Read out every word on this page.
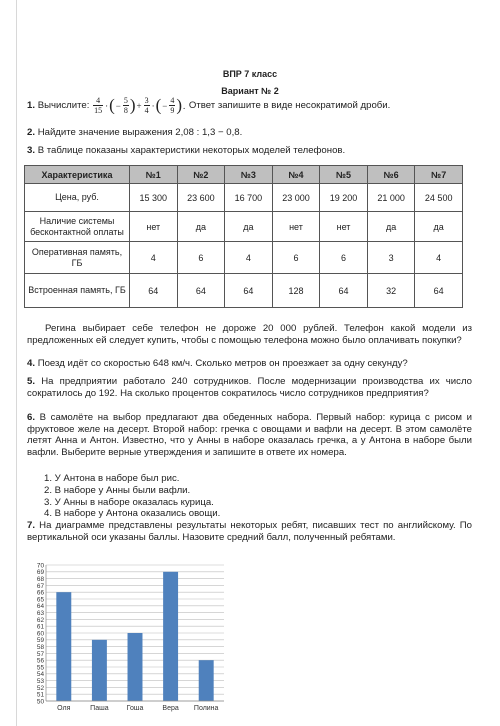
ВПР 7 класс
Вариант № 2
1. Вычислите: $\frac{4}{15}$ ·(− $\frac{5}{8}$ )+ $\frac{3}{4}$ ·(− $\frac{4}{9}$ ). Ответ запишите в виде несократимой дроби.
2. Найдите значение выражения 2,08 : 1,3 − 0,8.
3. В таблице показаны характеристики некоторых моделей телефонов.
Характеристика	№1	№2	№3	№4	№5	№6	№7
Цена, руб.	15 300	23 600	16 700	23 000	19 200	21 000	24 500
Наличие системы бесконтактной оплаты	нет	да	да	нет	нет	да	да
Оперативная память, ГБ	4	6	4	6	6	3	4
Встроенная память, ГБ	64	64	64	128	64	32	64
Регина выбирает себе телефон не дороже 20 000 рублей. Телефон какой модели из предложенных ей следует купить, чтобы с помощью телефона можно было оплачивать покупки?
4. Поезд идёт со скоростью 648 км/ч. Сколько метров он проезжает за одну секунду?
5. На предприятии работало 240 сотрудников. После модернизации производства их число сократилось до 192. На сколько процентов сократилось число сотрудников предприятия?
6. В самолёте на выбор предлагают два обеденных набора. Первый набор: курица с рисом и фруктовое желе на десерт. Второй набор: гречка с овощами и вафли на десерт. В этом самолёте летят Анна и Антон. Известно, что у Анны в наборе оказалась гречка, а у Антона в наборе были вафли. Выберите верные утверждения и запишите в ответе их номера.
1. У Антона в наборе был рис.
2. В наборе у Анны были вафли.
3. У Анны в наборе оказалась курица.
4. В наборе у Антона оказались овощи.
7. На диаграмме представлены результаты некоторых ребят, писавших тест по английскому. По вертикальной оси указаны баллы. Назовите средний балл, полученный ребятами.
50
51
52
53
54
55
56
57
58
59
60
61
62
63
64
65
66
67
68
69
70
Оля	Паша	Гоша	Вера Полина
